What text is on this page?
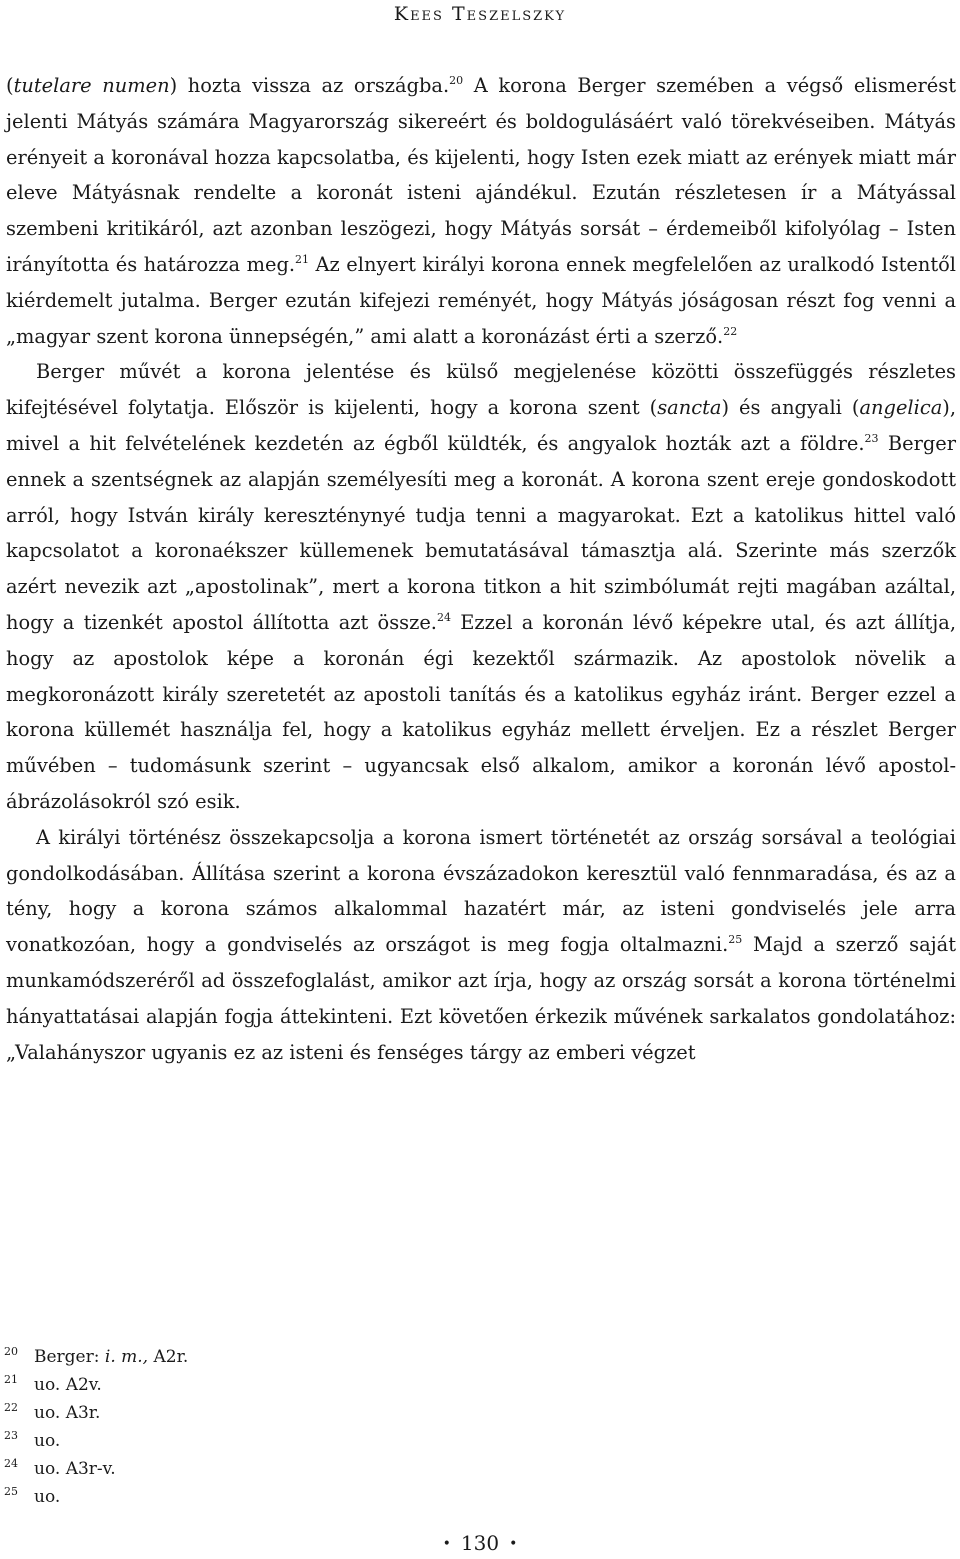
Kees Teszelszky

(tutelare numen) hozta vissza az országba.$^{20}$ A korona Berger szemében a végső elismerést jelenti Mátyás számára Magyarország sikereért és boldogulásáért való törekvéseiben. Mátyás erényeit a koronával hozza kapcsolatba, és kijelenti, hogy Isten ezek miatt az erények miatt már eleve Mátyásnak rendelte a koronát isteni ajándékul. Ezután részletesen ír a Mátyással szembeni kritikáról, azt azonban leszögezi, hogy Mátyás sorsát – érdemeiből kifolyólag – Isten irányította és határozza meg.$^{21}$ Az elnyert királyi korona ennek megfelelően az uralkodó Istentől kiérdemelt jutalma. Berger ezután kifejezi reményét, hogy Mátyás jóságosan részt fog venni a „magyar szent korona ünnepségén,” ami alatt a koronázást érti a szerző.$^{22}$

Berger művét a korona jelentése és külső megjelenése közötti összefüggés részletes kifejtésével folytatja. Először is kijelenti, hogy a korona szent (sancta) és angyali (angelica), mivel a hit felvételének kezdetén az égből küldték, és angyalok hozták azt a földre.$^{23}$ Berger ennek a szentségnek az alapján személyesíti meg a koronát. A korona szent ereje gondoskodott arról, hogy István király kereszténynyé tudja tenni a magyarokat. Ezt a katolikus hittel való kapcsolatot a koronaékszer küllemenek bemutatásával támasztja alá. Szerinte más szerzők azért nevezik azt „apostolinak”, mert a korona titkon a hit szimbólumát rejti magában azáltal, hogy a tizenkét apostol állította azt össze.$^{24}$ Ezzel a koronán lévő képekre utal, és azt állítja, hogy az apostolok képe a koronán égi kezektől származik. Az apostolok növelik a megkoronázott király szeretetét az apostoli tanítás és a katolikus egyház iránt. Berger ezzel a korona küllemét használja fel, hogy a katolikus egyház mellett érveljen. Ez a részlet Berger művében – tudomásunk szerint – ugyancsak első alkalom, amikor a koronán lévő apostol-ábrázolásokról szó esik.

A királyi történész összekapcsolja a korona ismert történetét az ország sorsával a teológiai gondolkodásában. Állítása szerint a korona évszázadokon keresztül való fennmaradása, és az a tény, hogy a korona számos alkalommal hazatért már, az isteni gondviselés jele arra vonatkozóan, hogy a gondviselés az országot is meg fogja oltalmazni.$^{25}$ Majd a szerző saját munkamódszeréről ad összefoglalást, amikor azt írja, hogy az ország sorsát a korona történelmi hányattatásai alapján fogja áttekinteni. Ezt követően érkezik művének sarkalatos gondolatához: „Valahányszor ugyanis ez az isteni és fenséges tárgy az emberi végzet

20 Berger: i. m., A2r.
21 uo. A2v.
22 uo. A3r.
23 uo.
24 uo. A3r-v.
25 uo.
• 130 •
